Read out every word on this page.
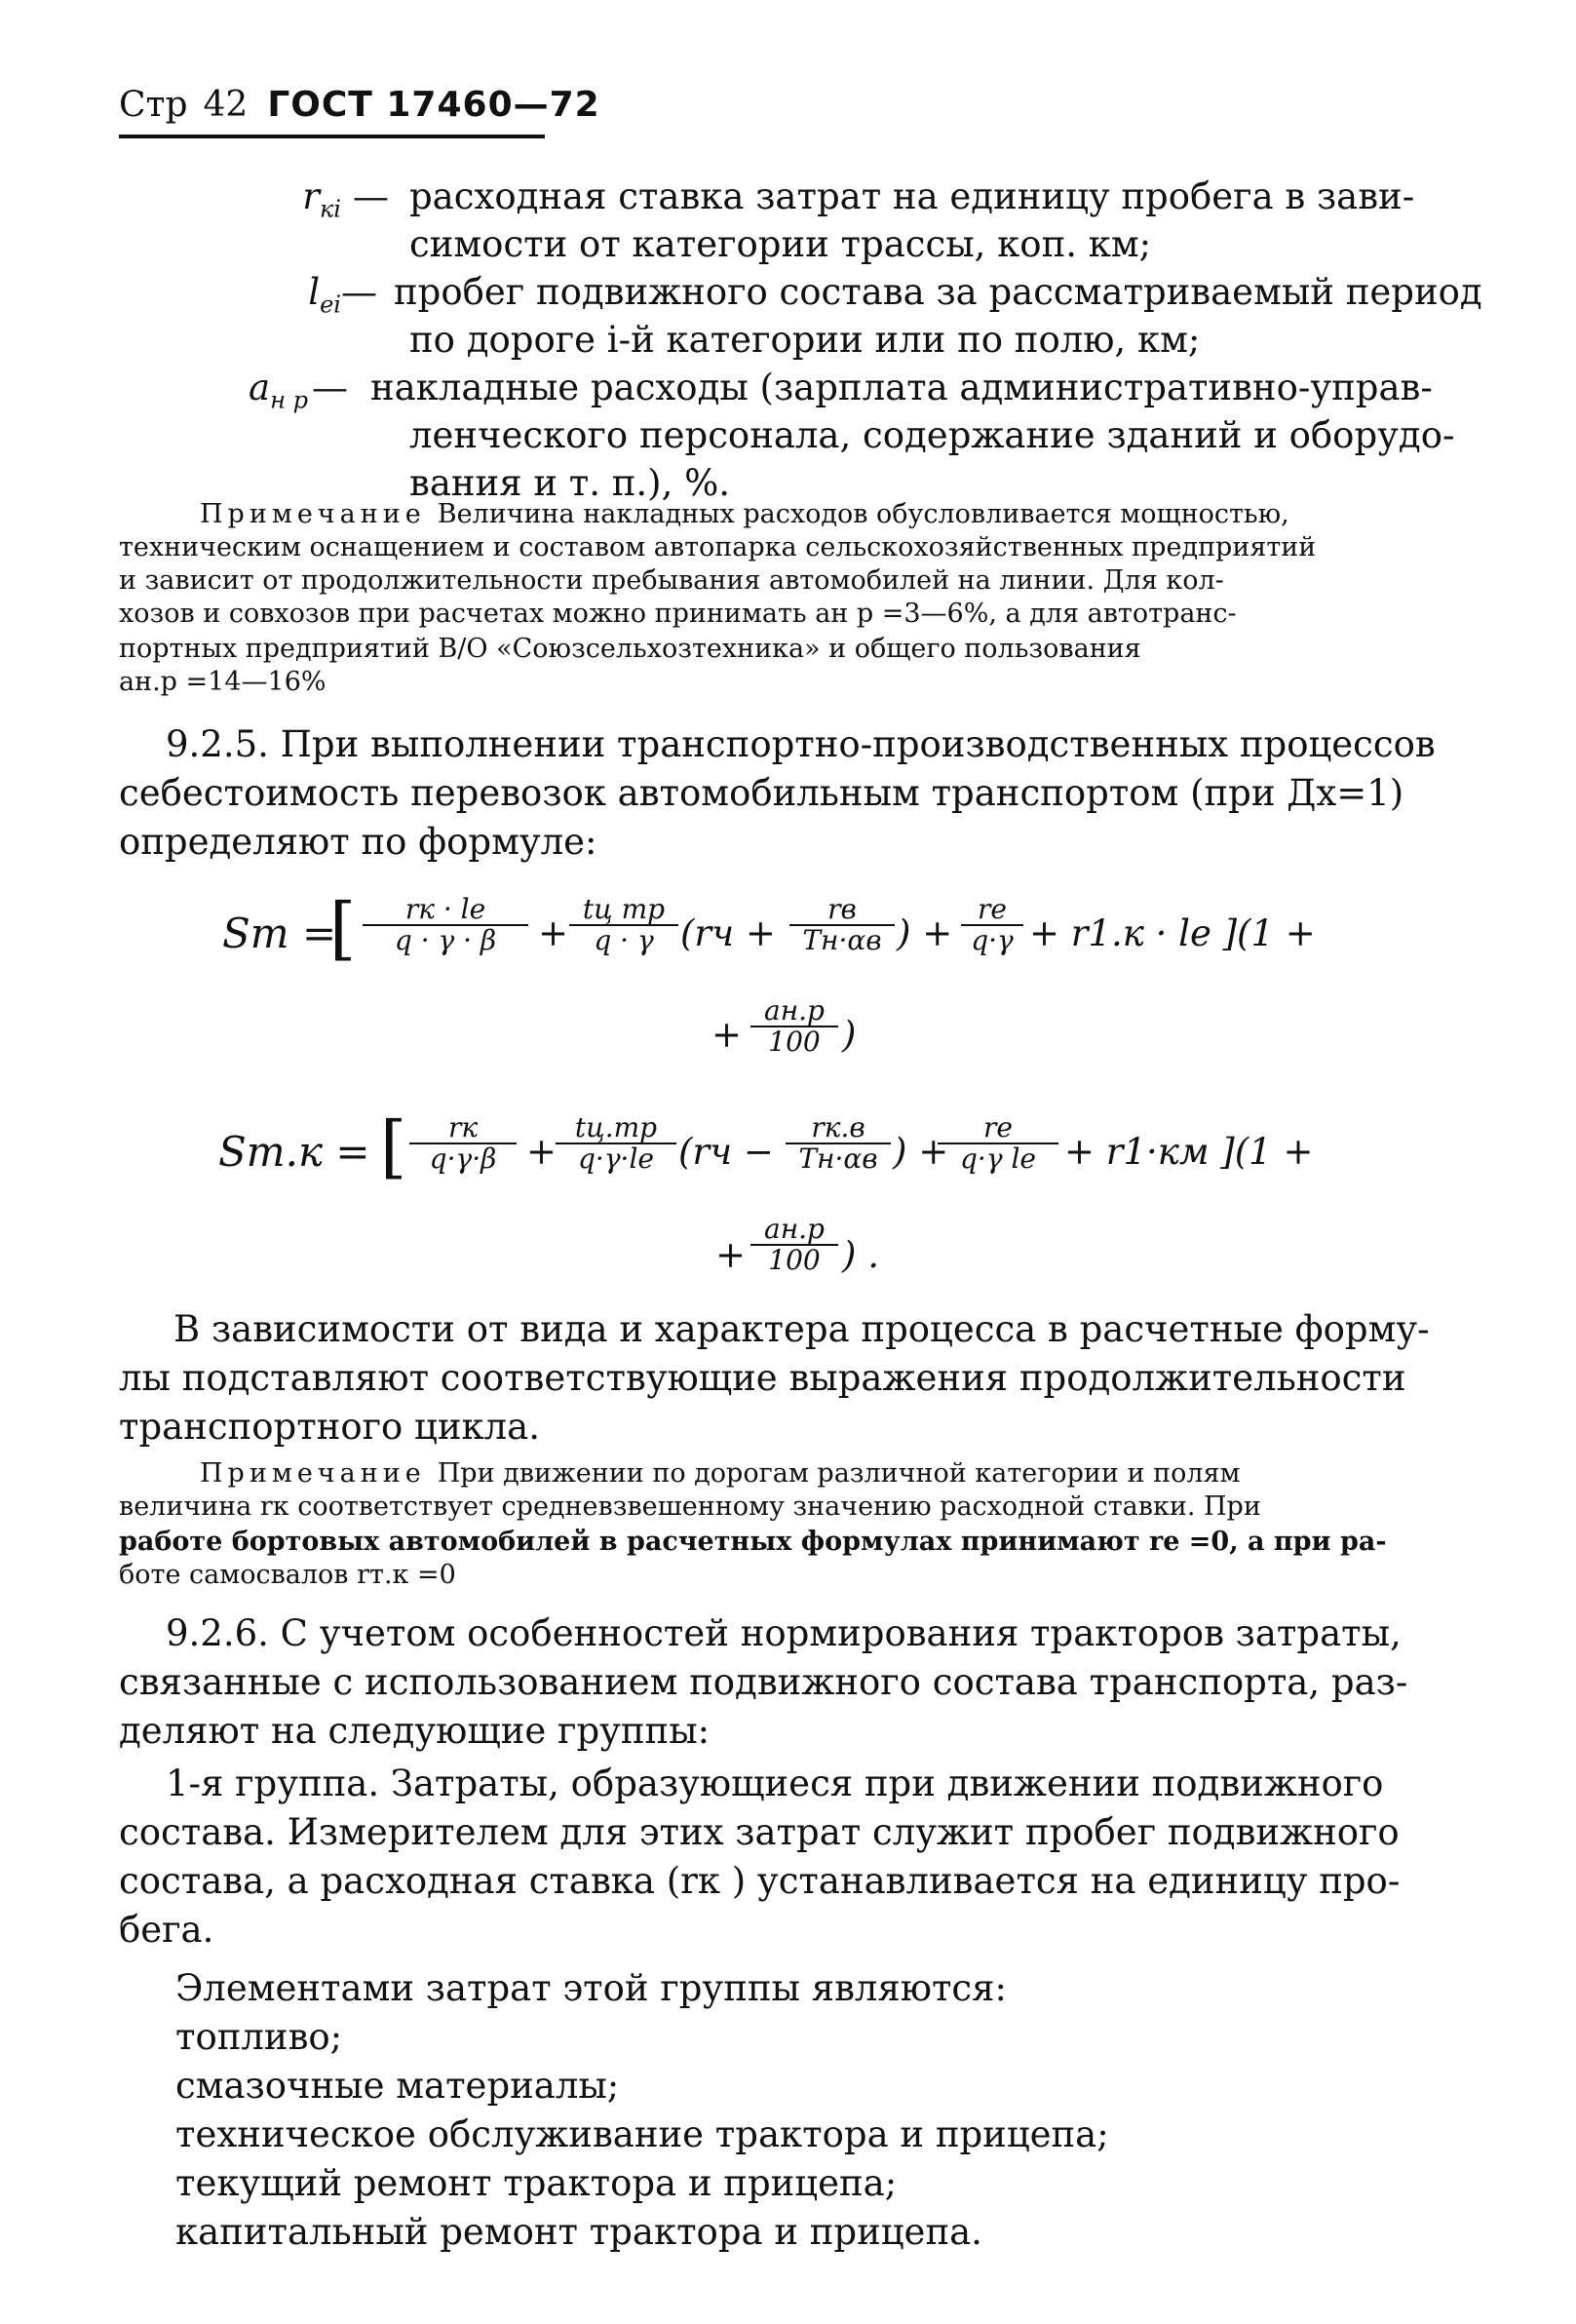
Стр 42 ГОСТ 17460—72
$r_{кi}$ — расходная ставка затрат на единицу пробега в зави-
симости от категории трассы, коп. км;
$l_{ei}$ — пробег подвижного состава за рассматриваемый период
по дороге i-й категории или по полю, км;
$a_{н р}$ — накладные расходы (зарплата административно-управ-
ленческого персонала, содержание зданий и оборудо-
вания и т. п.), %.
Примечание Величина накладных расходов обусловливается мощностью,
техническим оснащением и составом автопарка сельскохозяйственных предприятий
и зависит от продолжительности пребывания автомобилей на линии. Для кол-
хозов и совхозов при расчетах можно принимать aн р =3—6%, а для автотранс-
портных предприятий В/О «Союзсельхозтехника» и общего пользования
aн.р =14—16%
9.2.5. При выполнении транспортно-производственных процессов
себестоимость перевозок автомобильным транспортом (при Дх=1)
определяют по формуле:
Sт =
[	rк · lе
q · γ · β	+
tц тр
q · γ (rч +
rв
Tн·αв ) + $\frac{re}{q\cdot\gamma} + r1.к$ · le ](1 +
+
aн.р
100 )
Sт.к = [	rк
q·γ·β +
tц.тр
q·γ·le (rч −
rк.в
Tн·αв ) +
$\frac{re}{\text{q·γ le}} + r1\cdot км$ ](1 +
+
aн.р
100 ) .
В зависимости от вида и характера процесса в расчетные форму-
лы подставляют соответствующие выражения продолжительности
транспортного цикла.
Примечание При движении по дорогам различной категории и полям
величина rк соответствует средневзвешенному значению расходной ставки. При
работе бортовых автомобилей в расчетных формулах принимают re =0, а при ра-
боте самосвалов rт.к =0
9.2.6. С учетом особенностей нормирования тракторов затраты,
связанные с использованием подвижного состава транспорта, раз-
деляют на следующие группы:
1-я группа. Затраты, образующиеся при движении подвижного
состава. Измерителем для этих затрат служит пробег подвижного
состава, а расходная ставка (rк ) устанавливается на единицу про-
бега.
Элементами затрат этой группы являются:
топливо;
смазочные материалы;
техническое обслуживание трактора и прицепа;
текущий ремонт трактора и прицепа;
капитальный ремонт трактора и прицепа.
